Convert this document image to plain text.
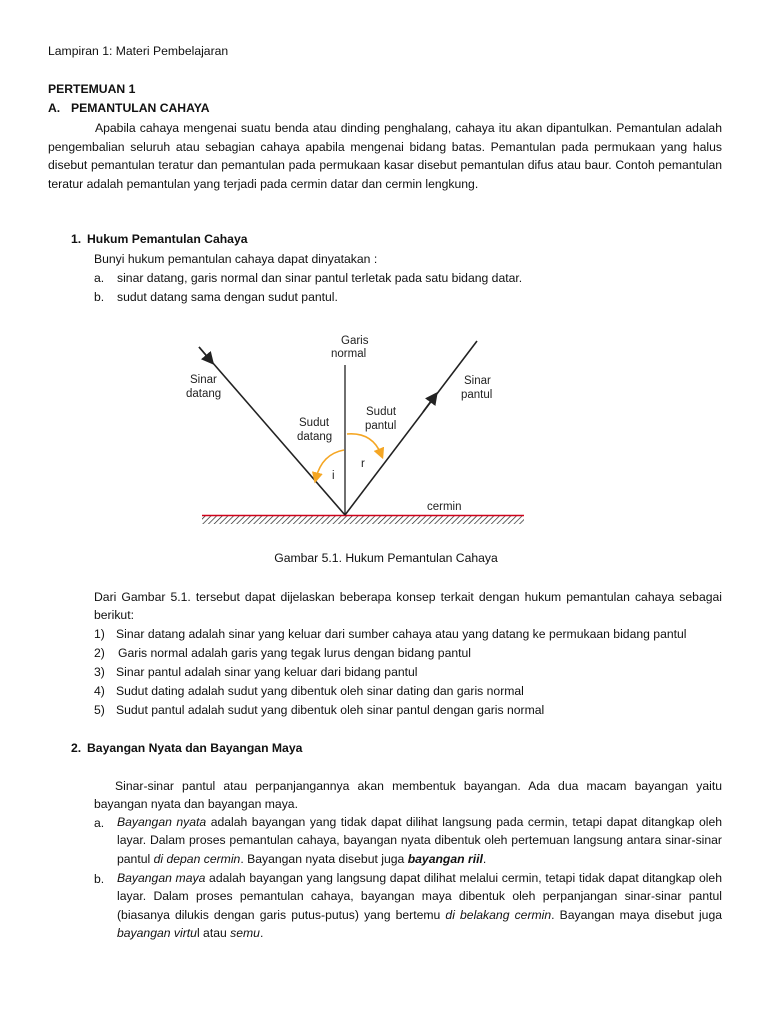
Lampiran 1: Materi Pembelajaran
PERTEMUAN 1
A. PEMANTULAN CAHAYA
Apabila cahaya mengenai suatu benda atau dinding penghalang, cahaya itu akan dipantulkan. Pemantulan adalah pengembalian seluruh atau sebagian cahaya apabila mengenai bidang batas. Pemantulan pada permukaan yang halus disebut pemantulan teratur dan pemantulan pada permukaan kasar disebut pemantulan difus atau baur. Contoh pemantulan teratur adalah pemantulan yang terjadi pada cermin datar dan cermin lengkung.
1. Hukum Pemantulan Cahaya
Bunyi hukum pemantulan cahaya dapat dinyatakan :
a. sinar datang, garis normal dan sinar pantul terletak pada satu bidang datar.
b. sudut datang sama dengan sudut pantul.
Garis
normal
Sinar
datang
Sinar
pantul
Sudut
datang
Sudut
pantul
i
r
cermin
Gambar 5.1. Hukum Pemantulan Cahaya
Dari Gambar 5.1. tersebut dapat dijelaskan beberapa konsep terkait dengan hukum pemantulan cahaya sebagai berikut:
1) Sinar datang adalah sinar yang keluar dari sumber cahaya atau yang datang ke permukaan bidang pantul
2) Garis normal adalah garis yang tegak lurus dengan bidang pantul
3) Sinar pantul adalah sinar yang keluar dari bidang pantul
4) Sudut dating adalah sudut yang dibentuk oleh sinar dating dan garis normal
5) Sudut pantul adalah sudut yang dibentuk oleh sinar pantul dengan garis normal
2. Bayangan Nyata dan Bayangan Maya
Sinar-sinar pantul atau perpanjangannya akan membentuk bayangan. Ada dua macam bayangan yaitu bayangan nyata dan bayangan maya.
a. Bayangan nyata adalah bayangan yang tidak dapat dilihat langsung pada cermin, tetapi dapat ditangkap oleh layar. Dalam proses pemantulan cahaya, bayangan nyata dibentuk oleh pertemuan langsung antara sinar-sinar pantul di depan cermin. Bayangan nyata disebut juga bayangan riil.
b. Bayangan maya adalah bayangan yang langsung dapat dilihat melalui cermin, tetapi tidak dapat ditangkap oleh layar. Dalam proses pemantulan cahaya, bayangan maya dibentuk oleh perpanjangan sinar-sinar pantul (biasanya dilukis dengan garis putus-putus) yang bertemu di belakang cermin. Bayangan maya disebut juga bayangan virtul atau semu.
